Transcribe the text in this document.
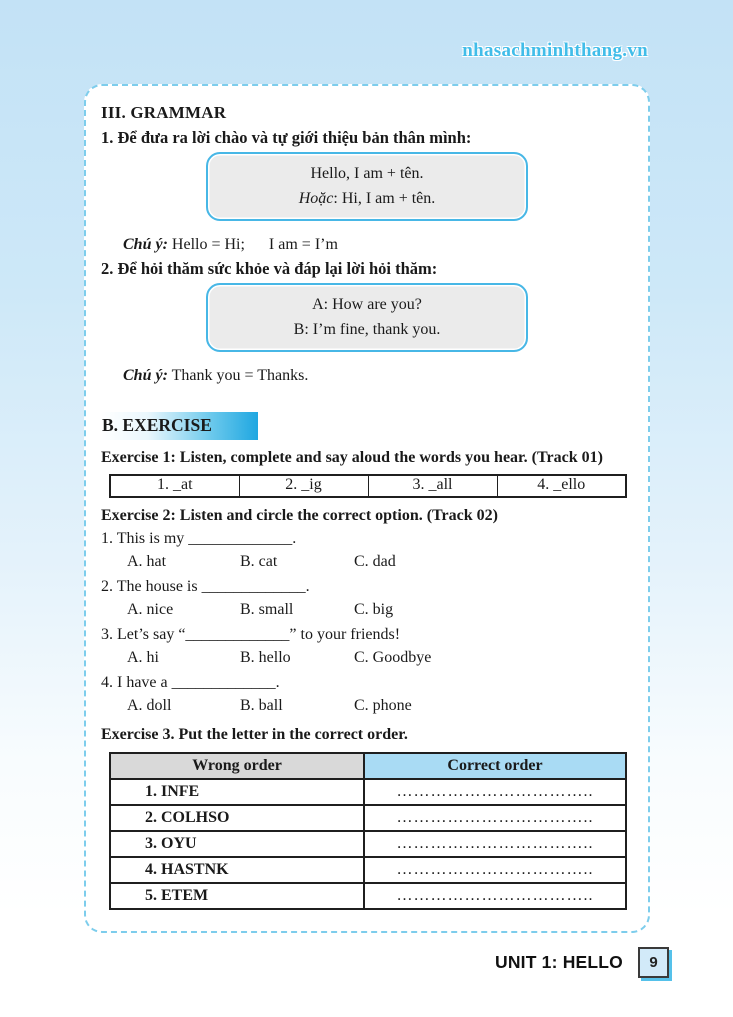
nhasachminhthang.vn
III. GRAMMAR
1. Để đưa ra lời chào và tự giới thiệu bản thân mình:
Hello, I am + tên.
Hoặc: Hi, I am + tên.
Chú ý: Hello = Hi;      I am = I’m
2. Để hỏi thăm sức khỏe và đáp lại lời hỏi thăm:
A: How are you?
B: I’m fine, thank you.
Chú ý: Thank you = Thanks.
B. EXERCISE
Exercise 1: Listen, complete and say aloud the words you hear. (Track 01)
1. _at	2. _ig	3. _all	4. _ello
Exercise 2: Listen and circle the correct option. (Track 02)
1. This is my _____________.
A. hat	B. cat	C. dad
2. The house is _____________.
A. nice	B. small	C. big
3. Let’s say “_____________” to your friends!
A. hi	B. hello	C. Goodbye
4. I have a _____________.
A. doll	B. ball	C. phone
Exercise 3. Put the letter in the correct order.
Wrong order	Correct order
1. INFE	……………………………..
2. COLHSO	……………………………..
3. OYU	……………………………..
4. HASTNK	……………………………..
5. ETEM	……………………………..
UNIT 1: HELLO	9
